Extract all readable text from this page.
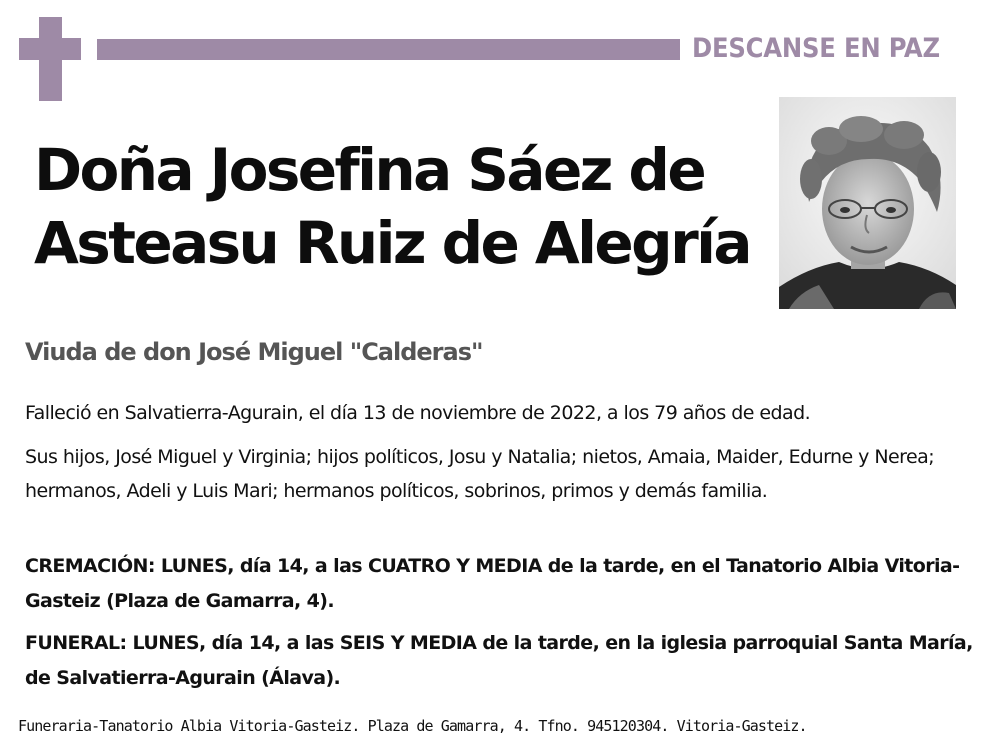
DESCANSE EN PAZ
Doña Josefina Sáez de Asteasu Ruiz de Alegría
Viuda de don José Miguel "Calderas"
Falleció en Salvatierra-Agurain, el día 13 de noviembre de 2022, a los 79 años de edad.
Sus hijos, José Miguel y Virginia; hijos políticos, Josu y Natalia; nietos, Amaia, Maider, Edurne y Nerea; hermanos, Adeli y Luis Mari; hermanos políticos, sobrinos, primos y demás familia.
CREMACIÓN: LUNES, día 14, a las CUATRO Y MEDIA de la tarde, en el Tanatorio Albia Vitoria-Gasteiz (Plaza de Gamarra, 4).
FUNERAL: LUNES, día 14, a las SEIS Y MEDIA de la tarde, en la iglesia parroquial Santa María, de Salvatierra-Agurain (Álava).
Funeraria-Tanatorio Albia Vitoria-Gasteiz. Plaza de Gamarra, 4. Tfno. 945120304. Vitoria-Gasteiz.
